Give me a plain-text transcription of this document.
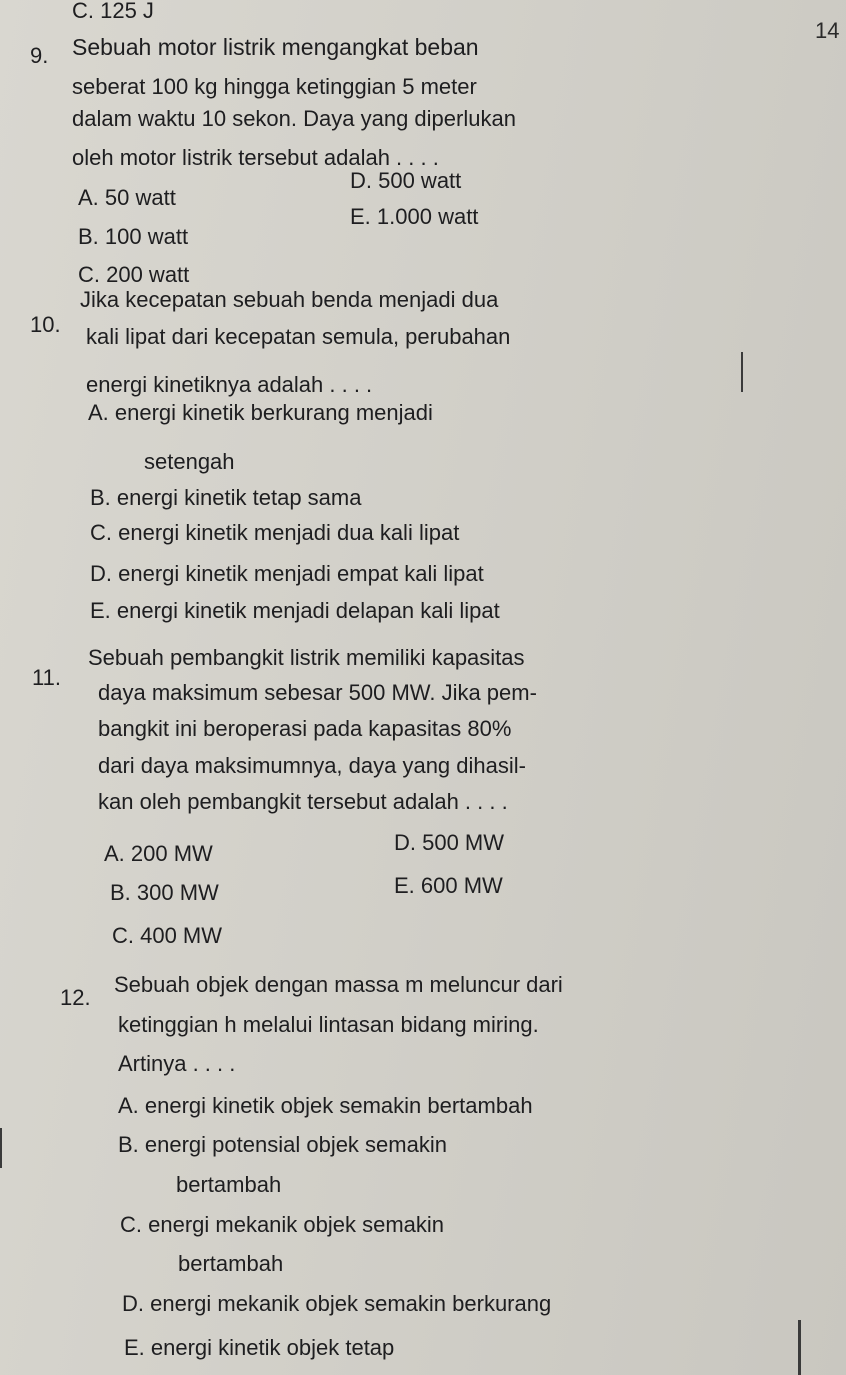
C. 125 J
14
9. Sebuah motor listrik mengangkat beban
seberat 100 kg hingga ketinggian 5 meter
dalam waktu 10 sekon. Daya yang diperlukan
oleh motor listrik tersebut adalah . . . .
A. 50 watt
B. 100 watt
C. 200 watt
D. 500 watt
E. 1.000 watt
10.
Jika kecepatan sebuah benda menjadi dua
kali lipat dari kecepatan semula, perubahan
energi kinetiknya adalah . . . .
A. energi kinetik berkurang menjadi
setengah
B. energi kinetik tetap sama
C. energi kinetik menjadi dua kali lipat
D. energi kinetik menjadi empat kali lipat
E. energi kinetik menjadi delapan kali lipat
11.
Sebuah pembangkit listrik memiliki kapasitas
daya maksimum sebesar 500 MW. Jika pem-
bangkit ini beroperasi pada kapasitas 80%
dari daya maksimumnya, daya yang dihasil-
kan oleh pembangkit tersebut adalah . . . .
A. 200 MW
B. 300 MW
C. 400 MW
D. 500 MW
E. 600 MW
12.
Sebuah objek dengan massa m meluncur dari
ketinggian h melalui lintasan bidang miring.
Artinya . . . .
A. energi kinetik objek semakin bertambah
B. energi potensial objek semakin
bertambah
C. energi mekanik objek semakin
bertambah
D. energi mekanik objek semakin berkurang
E. energi kinetik objek tetap
